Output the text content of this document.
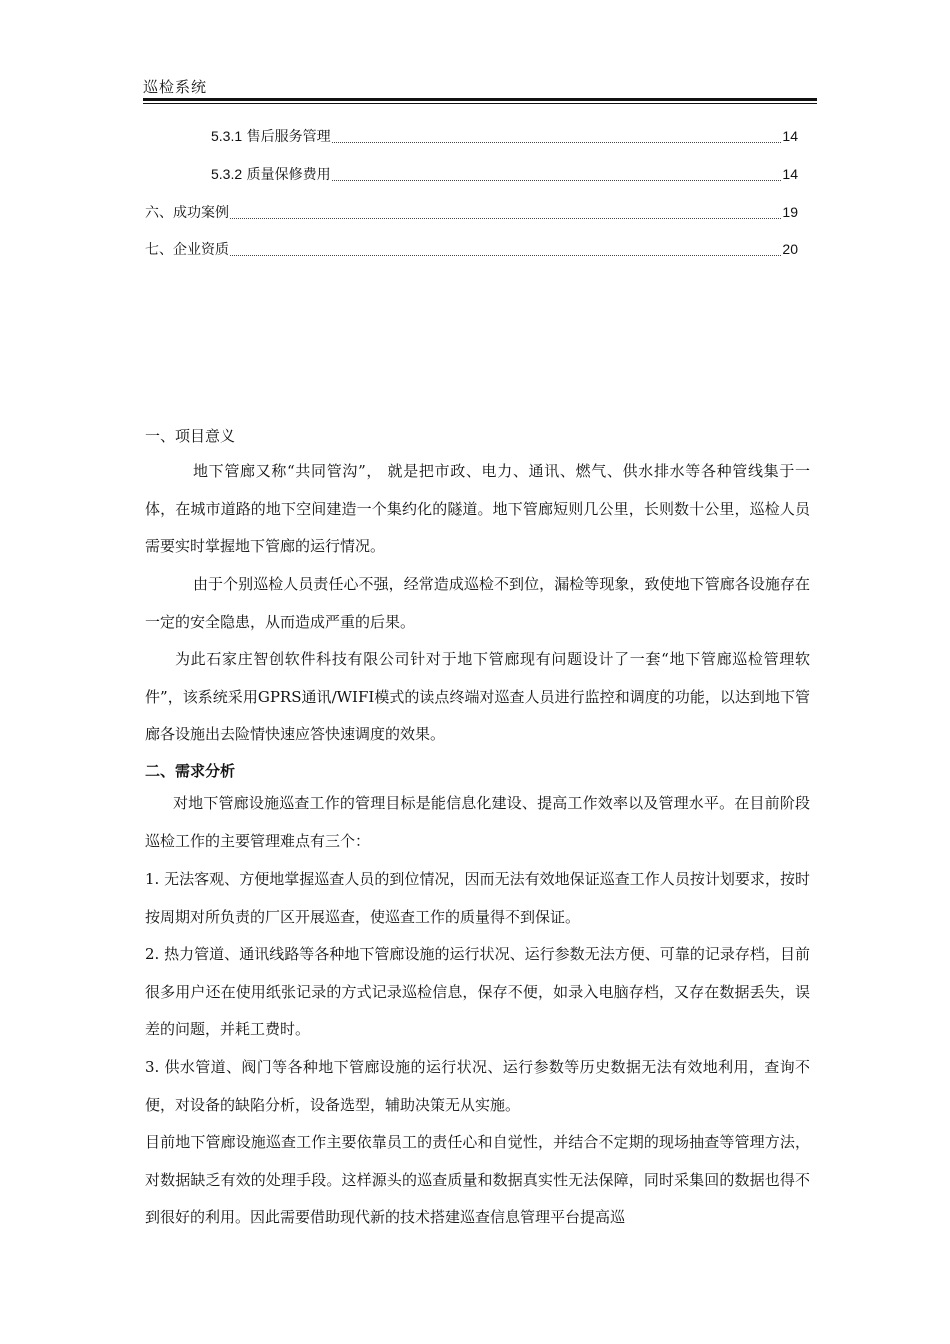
巡检系统
5.3.1 售后服务管理	14
5.3.2 质量保修费用	14
六、成功案例	19
七、企业资质	20
一、项目意义

地下管廊又称“共同管沟”， 就是把市政、电力、通讯、燃气、供水排水等各种管线集于一体，在城市道路的地下空间建造一个集约化的隧道。地下管廊短则几公里，长则数十公里，巡检人员需要实时掌握地下管廊的运行情况。

由于个别巡检人员责任心不强，经常造成巡检不到位，漏检等现象，致使地下管廊各设施存在一定的安全隐患，从而造成严重的后果。

为此石家庄智创软件科技有限公司针对于地下管廊现有问题设计了一套“地下管廊巡检管理软件”，该系统采用GPRS通讯/WIFI模式的读点终端对巡查人员进行监控和调度的功能，以达到地下管廊各设施出去险情快速应答快速调度的效果。

二、需求分析

对地下管廊设施巡查工作的管理目标是能信息化建设、提高工作效率以及管理水平。在目前阶段巡检工作的主要管理难点有三个：

1. 无法客观、方便地掌握巡查人员的到位情况，因而无法有效地保证巡查工作人员按计划要求，按时按周期对所负责的厂区开展巡查，使巡查工作的质量得不到保证。

2. 热力管道、通讯线路等各种地下管廊设施的运行状况、运行参数无法方便、可靠的记录存档，目前很多用户还在使用纸张记录的方式记录巡检信息，保存不便，如录入电脑存档，又存在数据丢失，误差的问题，并耗工费时。

3. 供水管道、阀门等各种地下管廊设施的运行状况、运行参数等历史数据无法有效地利用，查询不便，对设备的缺陷分析，设备选型，辅助决策无从实施。

目前地下管廊设施巡查工作主要依靠员工的责任心和自觉性，并结合不定期的现场抽查等管理方法，对数据缺乏有效的处理手段。这样源头的巡查质量和数据真实性无法保障，同时采集回的数据也得不到很好的利用。因此需要借助现代新的技术搭建巡查信息管理平台提高巡
